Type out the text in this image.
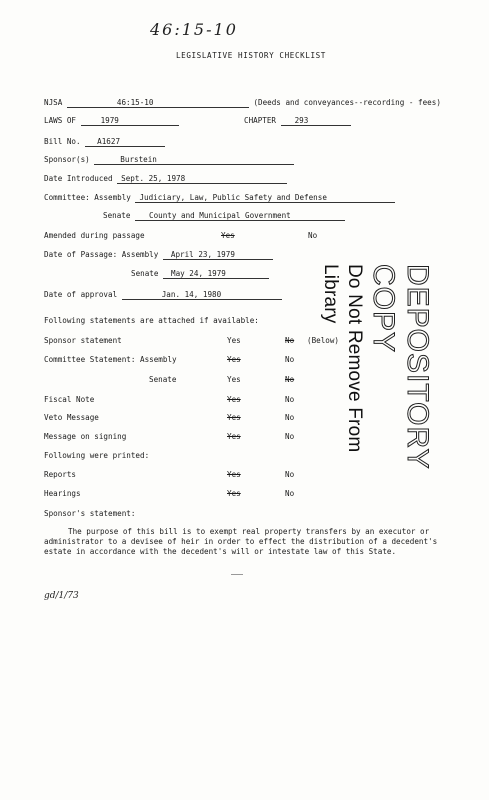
46:15-10
LEGISLATIVE HISTORY CHECKLIST
NJSA	46:15-10	(Deeds and conveyances--recording - fees)
LAWS OF	1979	CHAPTER 293
Bill No. A1627
Sponsor(s)	Burstein
Date Introduced Sept. 25, 1978
Committee: Assembly Judiciary, Law, Public Safety and Defense
Senate County and Municipal Government
Amended during passage	Yes	No
Date of Passage: Assembly April 23, 1979
Senate May 24, 1979
Date of approval	Jan. 14, 1980
Following statements are attached if available:
Sponsor statement	Yes	No (Below)
Committee Statement: Assembly	Yes	No
Senate	Yes	No
Fiscal Note	Yes	No
Veto Message	Yes	No
Message on signing	Yes	No
Following were printed:
Reports	Yes	No
Hearings	Yes	No
Sponsor's statement:
The purpose of this bill is to exempt real property transfers by an executor or administrator to a devisee of heir in order to effect the distribution of a decedent's estate in accordance with the decedent's will or intestate law of this State.
gd/1/73
DEPOSITORY COPY
Do Not Remove From Library
